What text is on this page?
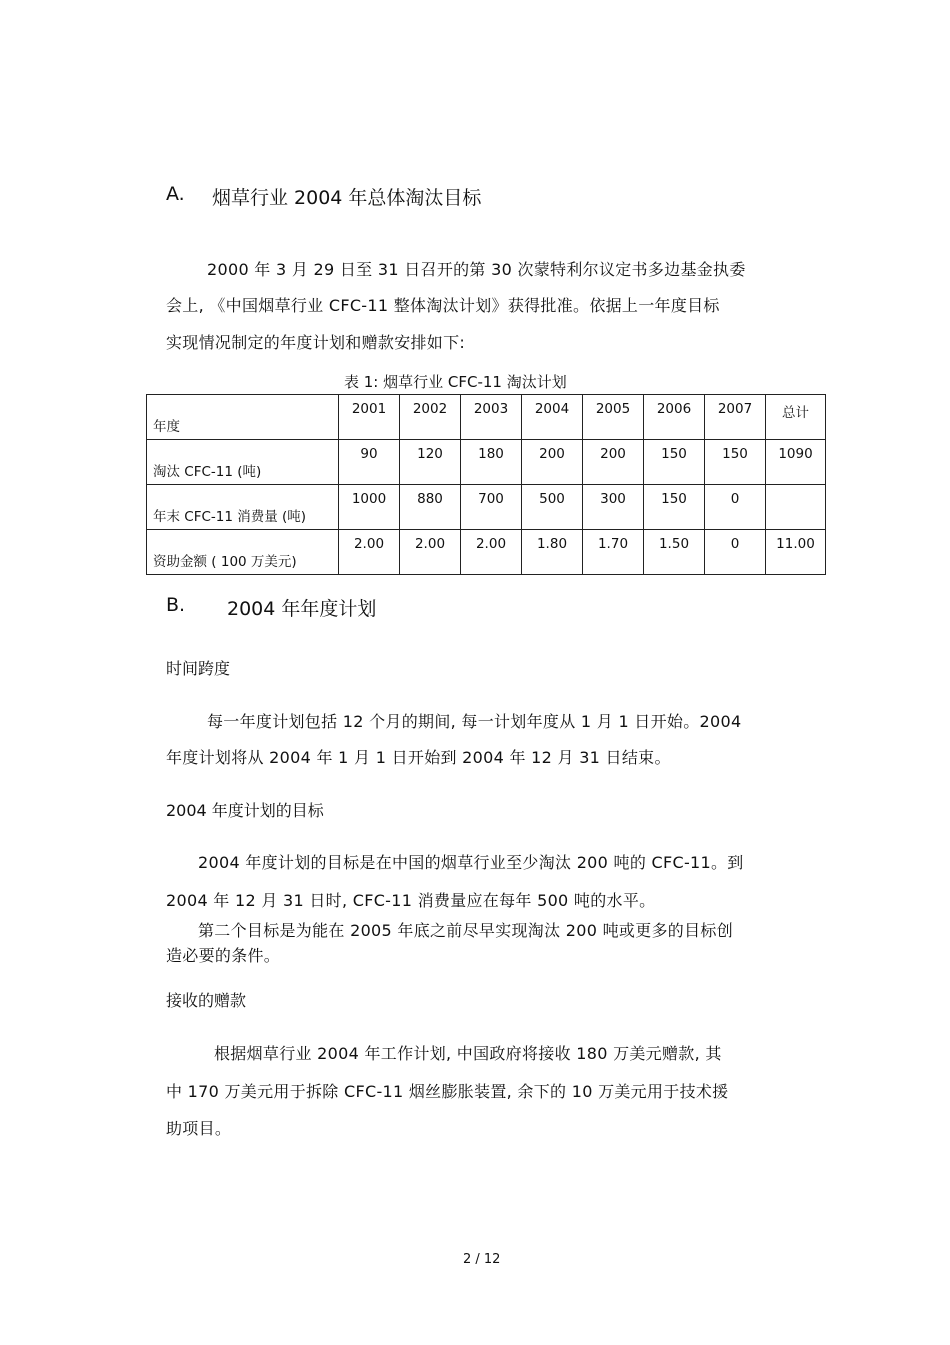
A. 烟草行业 2004 年总体淘汰目标
2000 年 3 月 29 日至 31 日召开的第 30 次蒙特利尔议定书多边基金执委
会上, 《中国烟草行业 CFC-11 整体淘汰计划》获得批准。依据上一年度目标
实现情况制定的年度计划和赠款安排如下:
表 1: 烟草行业 CFC-11 淘汰计划
年度	2001	2002	2003	2004	2005	2006	2007	总计
淘汰 CFC-11 (吨)	90	120	180	200	200	150	150	1090
年末 CFC-11 消费量 (吨)	1000	880	700	500	300	150	0	
资助金额 ( 100 万美元)	2.00	2.00	2.00	1.80	1.70	1.50	0	11.00
B. 2004 年年度计划
时间跨度
每一年度计划包括 12 个月的期间, 每一计划年度从 1 月 1 日开始。2004
年度计划将从 2004 年 1 月 1 日开始到 2004 年 12 月 31 日结束。
2004 年度计划的目标
2004 年度计划的目标是在中国的烟草行业至少淘汰 200 吨的 CFC-11。到
2004 年 12 月 31 日时, CFC-11 消费量应在每年 500 吨的水平。
第二个目标是为能在 2005 年底之前尽早实现淘汰 200 吨或更多的目标创
造必要的条件。
接收的赠款
根据烟草行业 2004 年工作计划, 中国政府将接收 180 万美元赠款, 其
中 170 万美元用于拆除 CFC-11 烟丝膨胀装置, 余下的 10 万美元用于技术援
助项目。
2 / 12
